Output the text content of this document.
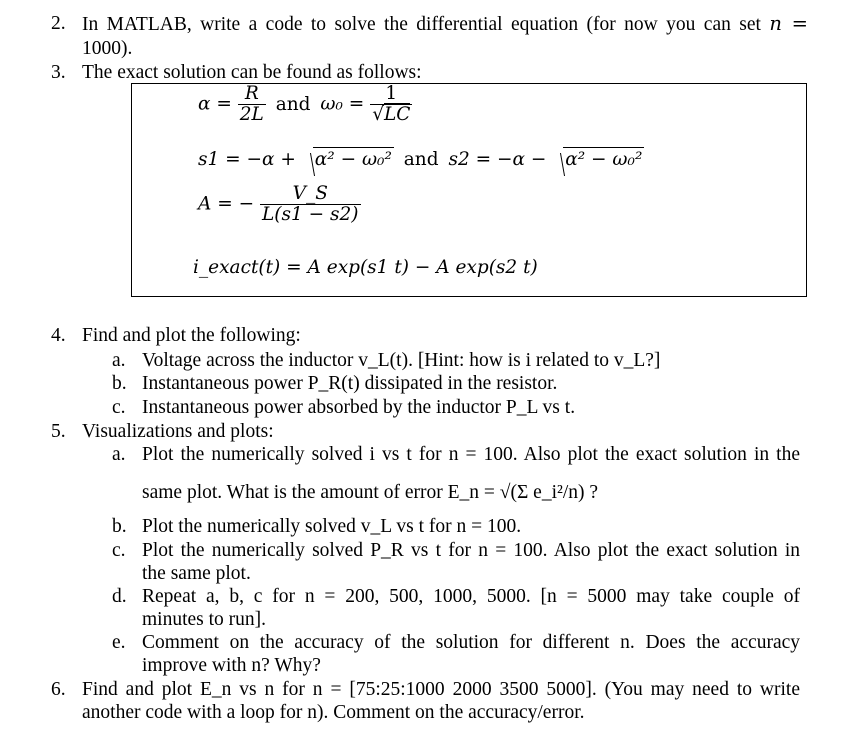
2. In MATLAB, write a code to solve the differential equation (for now you can set n =
1000).
3. The exact solution can be found as follows:
$\alpha = \frac{R}{2L}$ and $\omega_0 = \frac{1}{√LC}$
s1 = −α + α² − ω₀² and s2 = −α − α² − ω₀²
A = − $\frac{V\_S}{L(s1 - s2)}$
i_exact(t) = A exp(s1 t) − A exp(s2 t)
4. Find and plot the following:
a. Voltage across the inductor v_L(t). [Hint: how is i related to v_L?]
b. Instantaneous power P_R(t) dissipated in the resistor.
c. Instantaneous power absorbed by the inductor P_L vs t.
5. Visualizations and plots:
a. Plot the numerically solved i vs t for n = 100. Also plot the exact solution in the
same plot. What is the amount of error E_n = √(Σ e_i²/n) ?
b. Plot the numerically solved v_L vs t for n = 100.
c. Plot the numerically solved P_R vs t for n = 100. Also plot the exact solution in
the same plot.
d. Repeat a, b, c for n = 200, 500, 1000, 5000. [n = 5000 may take couple of
minutes to run].
e. Comment on the accuracy of the solution for different n. Does the accuracy
improve with n? Why?
6. Find and plot E_n vs n for n = [75:25:1000 2000 3500 5000]. (You may need to write
another code with a loop for n). Comment on the accuracy/error.
